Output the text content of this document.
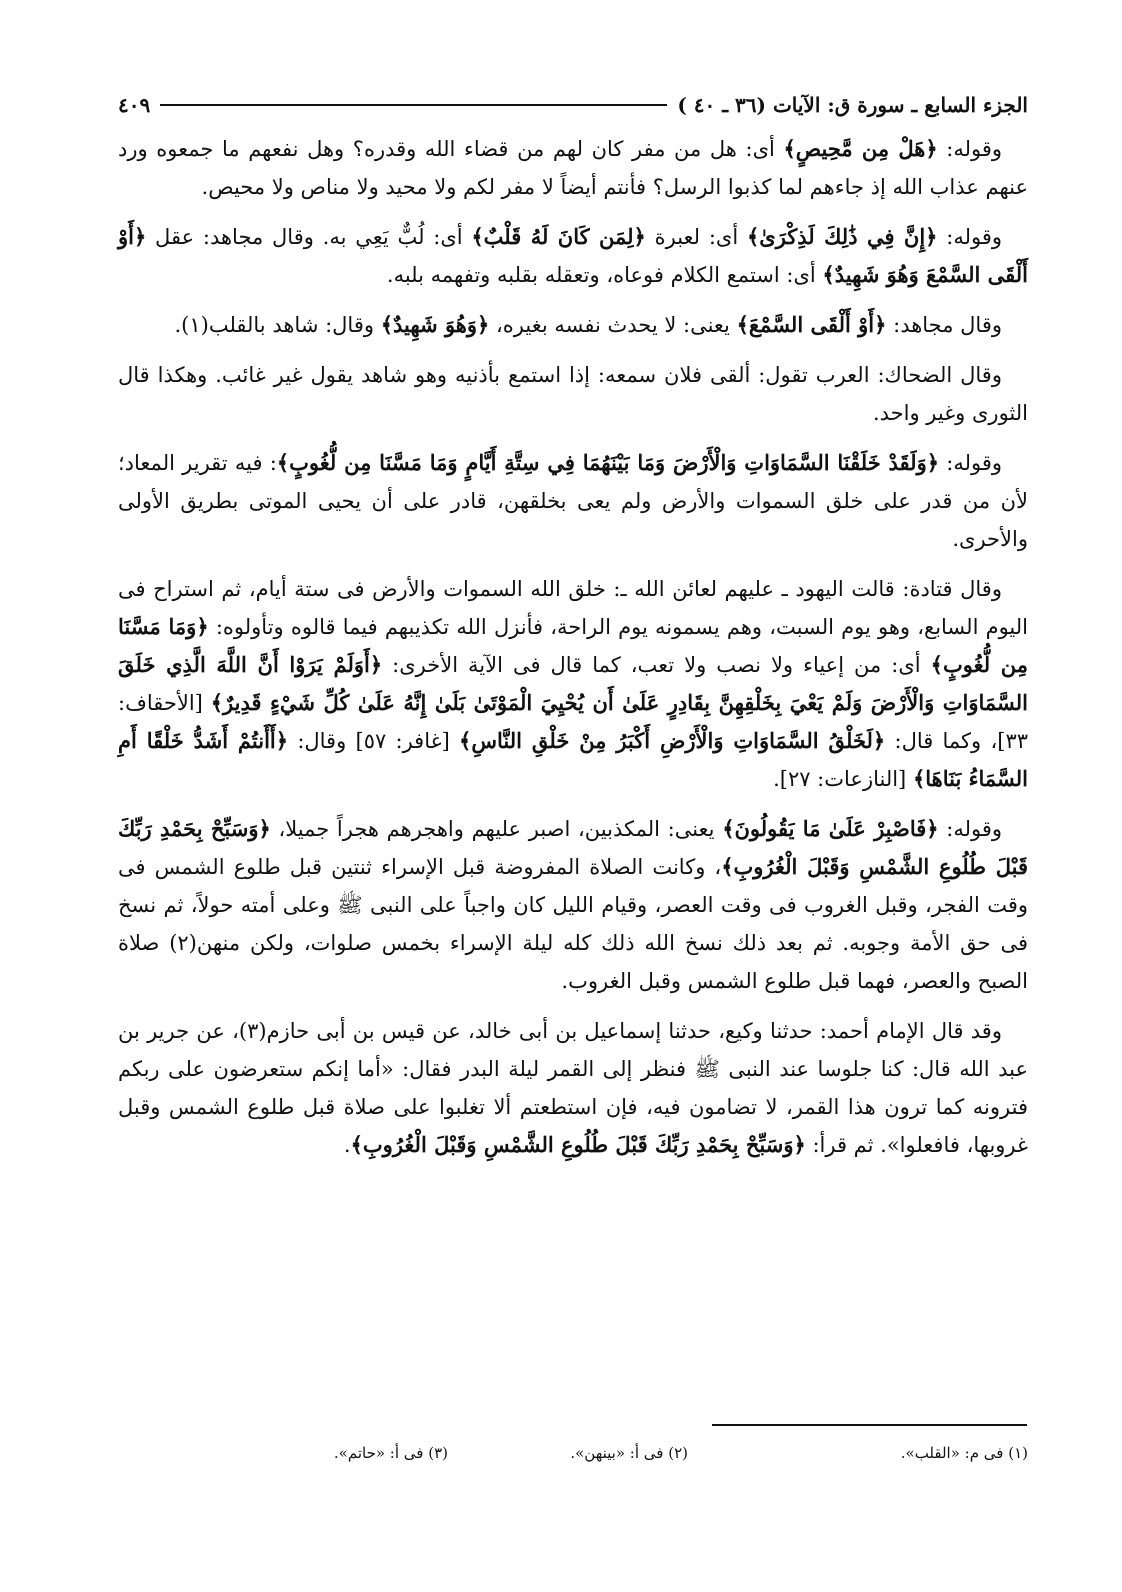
الجزء السابع ـ سورة ق: الآيات (٣٦ ـ ٤٠ )
٤٠٩

وقوله: ﴿هَلْ مِن مَّحِيصٍ﴾ أى: هل من مفر كان لهم من قضاء الله وقدره؟ وهل نفعهم ما جمعوه ورد عنهم عذاب الله إذ جاءهم لما كذبوا الرسل؟ فأنتم أيضاً لا مفر لكم ولا محيد ولا مناص ولا محيص.

وقوله: ﴿إِنَّ فِي ذَٰلِكَ لَذِكْرَىٰ﴾ أى: لعبرة ﴿لِمَن كَانَ لَهُ قَلْبٌ﴾ أى: لُبٌّ يَعِي به. وقال مجاهد: عقل ﴿أَوْ أَلْقَى السَّمْعَ وَهُوَ شَهِيدٌ﴾ أى: استمع الكلام فوعاه، وتعقله بقلبه وتفهمه بلبه.

وقال مجاهد: ﴿أَوْ أَلْقَى السَّمْعَ﴾ يعنى: لا يحدث نفسه بغيره، ﴿وَهُوَ شَهِيدٌ﴾ وقال: شاهد بالقلب(١).

وقال الضحاك: العرب تقول: ألقى فلان سمعه: إذا استمع بأذنيه وهو شاهد يقول غير غائب. وهكذا قال الثورى وغير واحد.

وقوله: ﴿وَلَقَدْ خَلَقْنَا السَّمَاوَاتِ وَالْأَرْضَ وَمَا بَيْنَهُمَا فِي سِتَّةِ أَيَّامٍ وَمَا مَسَّنَا مِن لُّغُوبٍ﴾: فيه تقرير المعاد؛ لأن من قدر على خلق السموات والأرض ولم يعى بخلقهن، قادر على أن يحيى الموتى بطريق الأولى والأحرى.

وقال قتادة: قالت اليهود ـ عليهم لعائن الله ـ: خلق الله السموات والأرض فى ستة أيام، ثم استراح فى اليوم السابع، وهو يوم السبت، وهم يسمونه يوم الراحة، فأنزل الله تكذيبهم فيما قالوه وتأولوه: ﴿وَمَا مَسَّنَا مِن لُّغُوبٍ﴾ أى: من إعياء ولا نصب ولا تعب، كما قال فى الآية الأخرى: ﴿أَوَلَمْ يَرَوْا أَنَّ اللَّهَ الَّذِي خَلَقَ السَّمَاوَاتِ وَالْأَرْضَ وَلَمْ يَعْيَ بِخَلْقِهِنَّ بِقَادِرٍ عَلَىٰ أَن يُحْيِيَ الْمَوْتَىٰ بَلَىٰ إِنَّهُ عَلَىٰ كُلِّ شَيْءٍ قَدِيرٌ﴾ [الأحقاف: ٣٣]، وكما قال: ﴿لَخَلْقُ السَّمَاوَاتِ وَالْأَرْضِ أَكْبَرُ مِنْ خَلْقِ النَّاسِ﴾ [غافر: ٥٧] وقال: ﴿أَأَنتُمْ أَشَدُّ خَلْقًا أَمِ السَّمَاءُ بَنَاهَا﴾ [النازعات: ٢٧].

وقوله: ﴿فَاصْبِرْ عَلَىٰ مَا يَقُولُونَ﴾ يعنى: المكذبين، اصبر عليهم واهجرهم هجراً جميلا، ﴿وَسَبِّحْ بِحَمْدِ رَبِّكَ قَبْلَ طُلُوعِ الشَّمْسِ وَقَبْلَ الْغُرُوبِ﴾، وكانت الصلاة المفروضة قبل الإسراء ثنتين قبل طلوع الشمس فى وقت الفجر، وقبل الغروب فى وقت العصر، وقيام الليل كان واجباً على النبى ﷺ وعلى أمته حولاً، ثم نسخ فى حق الأمة وجوبه. ثم بعد ذلك نسخ الله ذلك كله ليلة الإسراء بخمس صلوات، ولكن منهن(٢) صلاة الصبح والعصر، فهما قبل طلوع الشمس وقبل الغروب.

وقد قال الإمام أحمد: حدثنا وكيع، حدثنا إسماعيل بن أبى خالد، عن قيس بن أبى حازم(٣)، عن جرير بن عبد الله قال: كنا جلوسا عند النبى ﷺ فنظر إلى القمر ليلة البدر فقال: «أما إنكم ستعرضون على ربكم فترونه كما ترون هذا القمر، لا تضامون فيه، فإن استطعتم ألا تغلبوا على صلاة قبل طلوع الشمس وقبل غروبها، فافعلوا». ثم قرأ: ﴿وَسَبِّحْ بِحَمْدِ رَبِّكَ قَبْلَ طُلُوعِ الشَّمْسِ وَقَبْلَ الْغُرُوبِ﴾.

(١) فى م: «القلب».
(٢) فى أ: «بينهن».
(٣) فى أ: «حاتم».
